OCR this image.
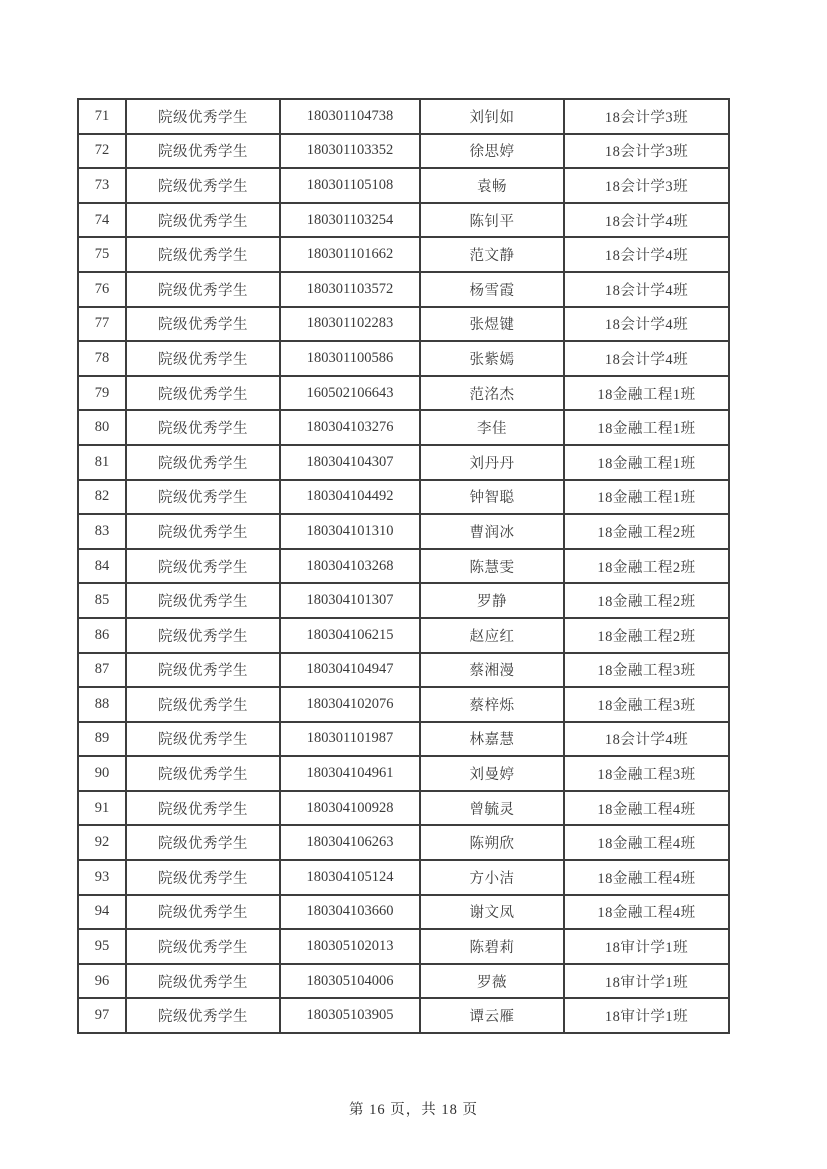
71	院级优秀学生	180301104738	刘钊如	18会计学3班
72	院级优秀学生	180301103352	徐思婷	18会计学3班
73	院级优秀学生	180301105108	袁畅	18会计学3班
74	院级优秀学生	180301103254	陈钊平	18会计学4班
75	院级优秀学生	180301101662	范文静	18会计学4班
76	院级优秀学生	180301103572	杨雪霞	18会计学4班
77	院级优秀学生	180301102283	张煜键	18会计学4班
78	院级优秀学生	180301100586	张紫嫣	18会计学4班
79	院级优秀学生	160502106643	范洺杰	18金融工程1班
80	院级优秀学生	180304103276	李佳	18金融工程1班
81	院级优秀学生	180304104307	刘丹丹	18金融工程1班
82	院级优秀学生	180304104492	钟智聪	18金融工程1班
83	院级优秀学生	180304101310	曹润冰	18金融工程2班
84	院级优秀学生	180304103268	陈慧雯	18金融工程2班
85	院级优秀学生	180304101307	罗静	18金融工程2班
86	院级优秀学生	180304106215	赵应红	18金融工程2班
87	院级优秀学生	180304104947	蔡湘漫	18金融工程3班
88	院级优秀学生	180304102076	蔡梓烁	18金融工程3班
89	院级优秀学生	180301101987	林嘉慧	18会计学4班
90	院级优秀学生	180304104961	刘曼婷	18金融工程3班
91	院级优秀学生	180304100928	曾毓灵	18金融工程4班
92	院级优秀学生	180304106263	陈朔欣	18金融工程4班
93	院级优秀学生	180304105124	方小洁	18金融工程4班
94	院级优秀学生	180304103660	谢文凤	18金融工程4班
95	院级优秀学生	180305102013	陈碧莉	18审计学1班
96	院级优秀学生	180305104006	罗薇	18审计学1班
97	院级优秀学生	180305103905	谭云雁	18审计学1班
第 16 页，共 18 页
